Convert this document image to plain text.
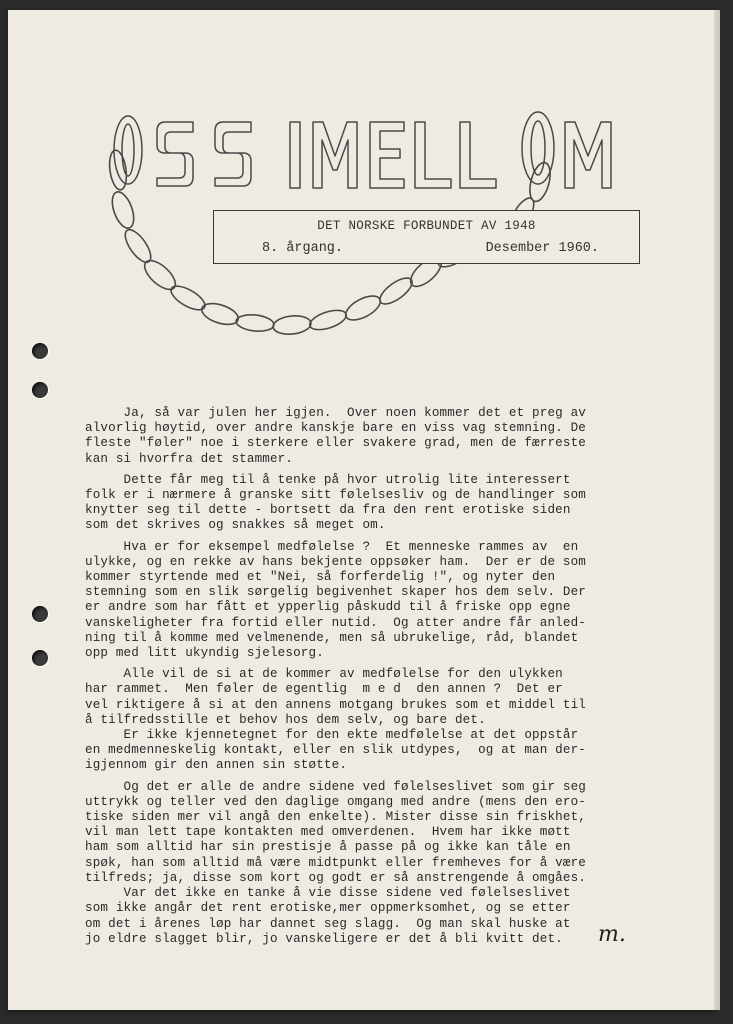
DET NORSKE FORBUNDET AV 1948
8. årgang.	Desember 1960.
Ja, så var julen her igjen.  Over noen kommer det et preg av
alvorlig høytid, over andre kanskje bare en viss vag stemning. De
fleste "føler" noe i sterkere eller svakere grad, men de færreste
kan si hvorfra det stammer.
Dette får meg til å tenke på hvor utrolig lite interessert
folk er i nærmere å granske sitt følelsesliv og de handlinger som
knytter seg til dette - bortsett da fra den rent erotiske siden
som det skrives og snakkes så meget om.
Hva er for eksempel medfølelse ?  Et menneske rammes av  en
ulykke, og en rekke av hans bekjente oppsøker ham.  Der er de som
kommer styrtende med et "Nei, så forferdelig !", og nyter den
stemning som en slik sørgelig begivenhet skaper hos dem selv. Der
er andre som har fått et ypperlig påskudd til å friske opp egne
vanskeligheter fra fortid eller nutid.  Og atter andre får anled-
ning til å komme med velmenende, men så ubrukelige, råd, blandet
opp med litt ukyndig sjelesorg.
Alle vil de si at de kommer av medfølelse for den ulykken
har rammet.  Men føler de egentlig  m e d  den annen ?  Det er
vel riktigere å si at den annens motgang brukes som et middel til
å tilfredsstille et behov hos dem selv, og bare det.
Er ikke kjennetegnet for den ekte medfølelse at det oppstår
en medmenneskelig kontakt, eller en slik utdypes,  og at man der-
igjennom gir den annen sin støtte.
Og det er alle de andre sidene ved følelseslivet som gir seg
uttrykk og teller ved den daglige omgang med andre (mens den ero-
tiske siden mer vil angå den enkelte). Mister disse sin friskhet,
vil man lett tape kontakten med omverdenen.  Hvem har ikke møtt
ham som alltid har sin prestisje å passe på og ikke kan tåle en
spøk, han som alltid må være midtpunkt eller fremheves for å være
tilfreds; ja, disse som kort og godt er så anstrengende å omgåes.
Var det ikke en tanke å vie disse sidene ved følelseslivet
som ikke angår det rent erotiske,mer oppmerksomhet, og se etter
om det i årenes løp har dannet seg slagg.  Og man skal huske at
jo eldre slagget blir, jo vanskeligere er det å bli kvitt det.	m.
